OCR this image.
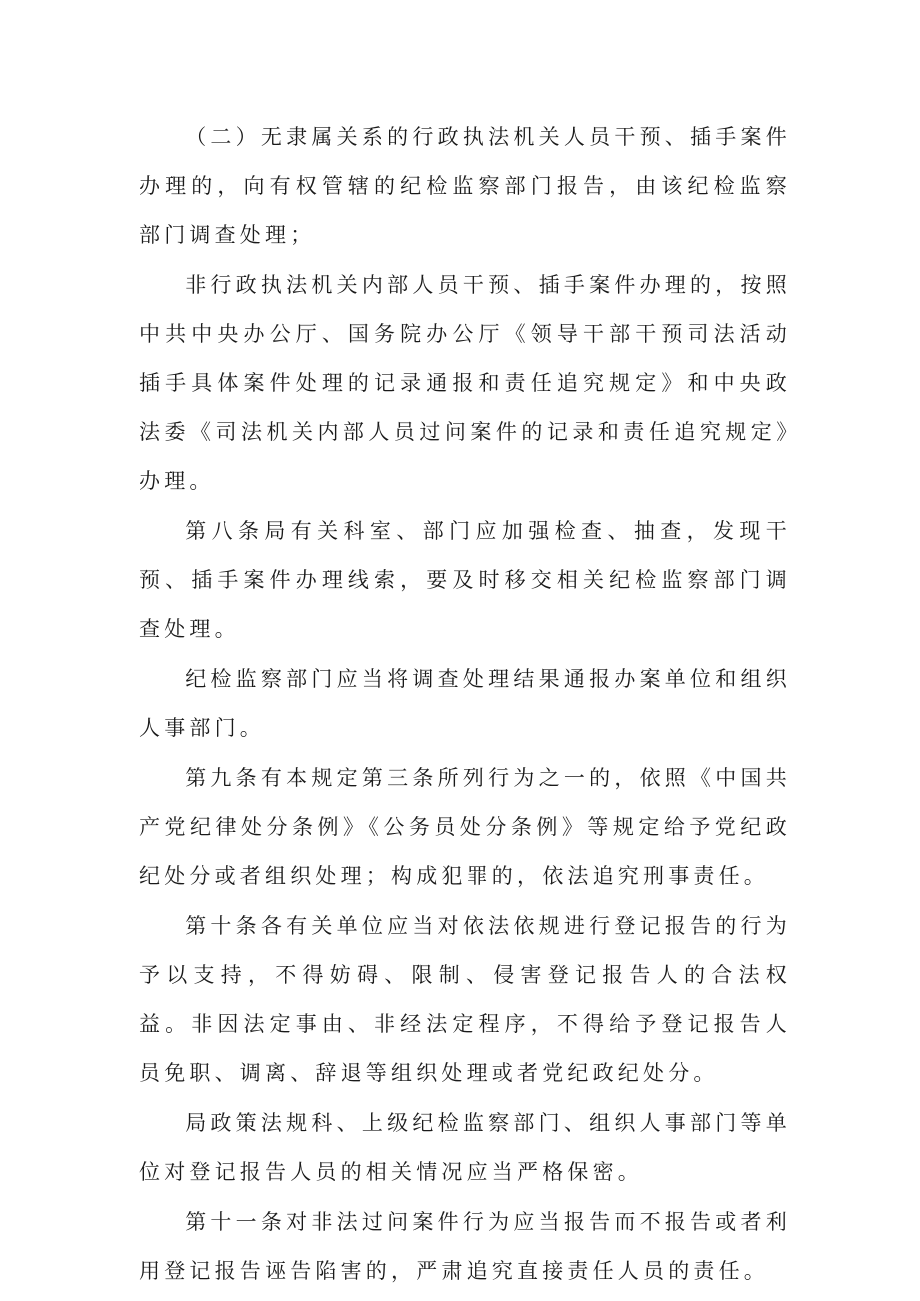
（二）无隶属关系的行政执法机关人员干预、插手案件办理的，向有权管辖的纪检监察部门报告，由该纪检监察部门调查处理；

非行政执法机关内部人员干预、插手案件办理的，按照中共中央办公厅、国务院办公厅《领导干部干预司法活动插手具体案件处理的记录通报和责任追究规定》和中央政法委《司法机关内部人员过问案件的记录和责任追究规定》办理。

第八条局有关科室、部门应加强检查、抽查，发现干预、插手案件办理线索，要及时移交相关纪检监察部门调查处理。

纪检监察部门应当将调查处理结果通报办案单位和组织人事部门。

第九条有本规定第三条所列行为之一的，依照《中国共产党纪律处分条例》《公务员处分条例》等规定给予党纪政纪处分或者组织处理；构成犯罪的，依法追究刑事责任。

第十条各有关单位应当对依法依规进行登记报告的行为予以支持，不得妨碍、限制、侵害登记报告人的合法权益。非因法定事由、非经法定程序，不得给予登记报告人员免职、调离、辞退等组织处理或者党纪政纪处分。

局政策法规科、上级纪检监察部门、组织人事部门等单位对登记报告人员的相关情况应当严格保密。

第十一条对非法过问案件行为应当报告而不报告或者利用登记报告诬告陷害的，严肃追究直接责任人员的责任。
